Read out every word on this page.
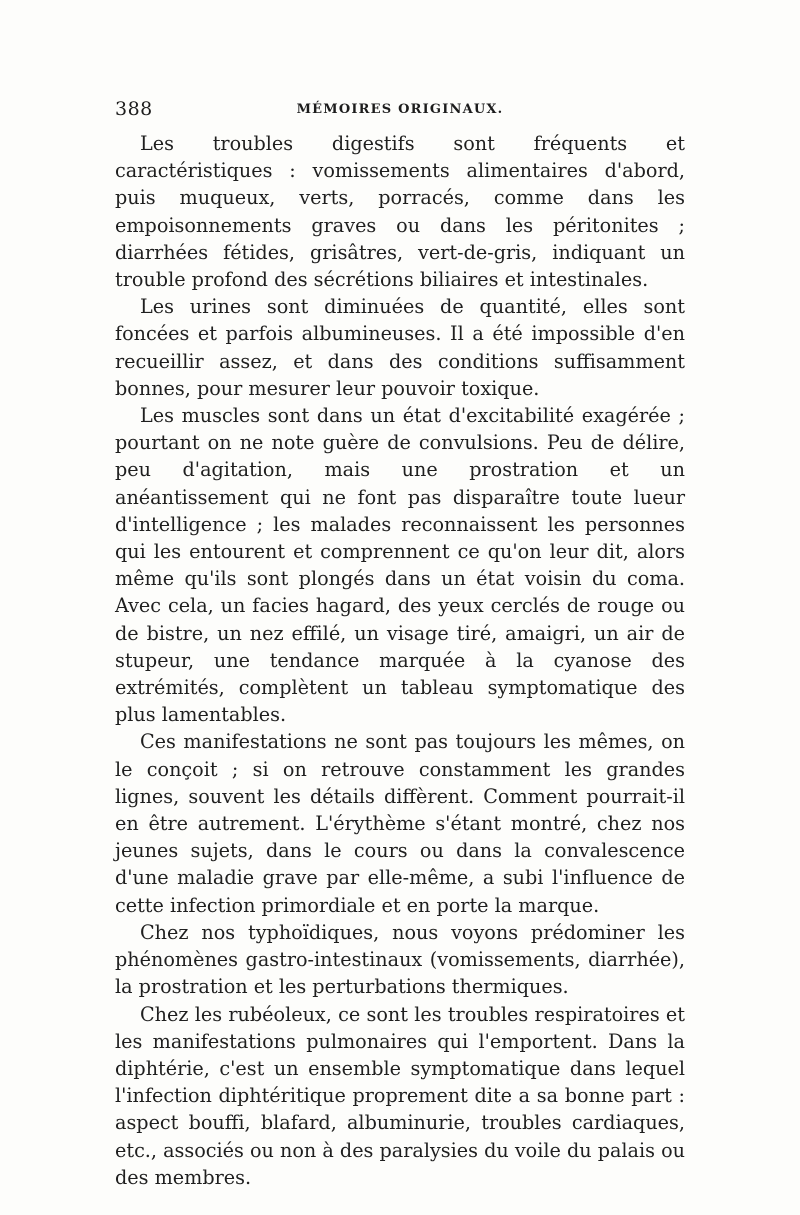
388	MÉMOIRES ORIGINAUX.

Les troubles digestifs sont fréquents et caractéristiques : vomissements alimentaires d'abord, puis muqueux, verts, porracés, comme dans les empoisonnements graves ou dans les péritonites ; diarrhées fétides, grisâtres, vert-de-gris, indiquant un trouble profond des sécrétions biliaires et intestinales.

Les urines sont diminuées de quantité, elles sont foncées et parfois albumineuses. Il a été impossible d'en recueillir assez, et dans des conditions suffisamment bonnes, pour mesurer leur pouvoir toxique.

Les muscles sont dans un état d'excitabilité exagérée ; pourtant on ne note guère de convulsions. Peu de délire, peu d'agitation, mais une prostration et un anéantissement qui ne font pas disparaître toute lueur d'intelligence ; les malades reconnaissent les personnes qui les entourent et comprennent ce qu'on leur dit, alors même qu'ils sont plongés dans un état voisin du coma. Avec cela, un facies hagard, des yeux cerclés de rouge ou de bistre, un nez effilé, un visage tiré, amaigri, un air de stupeur, une tendance marquée à la cyanose des extrémités, complètent un tableau symptomatique des plus lamentables.

Ces manifestations ne sont pas toujours les mêmes, on le conçoit ; si on retrouve constamment les grandes lignes, souvent les détails diffèrent. Comment pourrait-il en être autrement. L'érythème s'étant montré, chez nos jeunes sujets, dans le cours ou dans la convalescence d'une maladie grave par elle-même, a subi l'influence de cette infection primordiale et en porte la marque.

Chez nos typhoïdiques, nous voyons prédominer les phénomènes gastro-intestinaux (vomissements, diarrhée), la prostration et les perturbations thermiques.

Chez les rubéoleux, ce sont les troubles respiratoires et les manifestations pulmonaires qui l'emportent. Dans la diphtérie, c'est un ensemble symptomatique dans lequel l'infection diphtéritique proprement dite a sa bonne part : aspect bouffi, blafard, albuminurie, troubles cardiaques, etc., associés ou non à des paralysies du voile du palais ou des membres.
